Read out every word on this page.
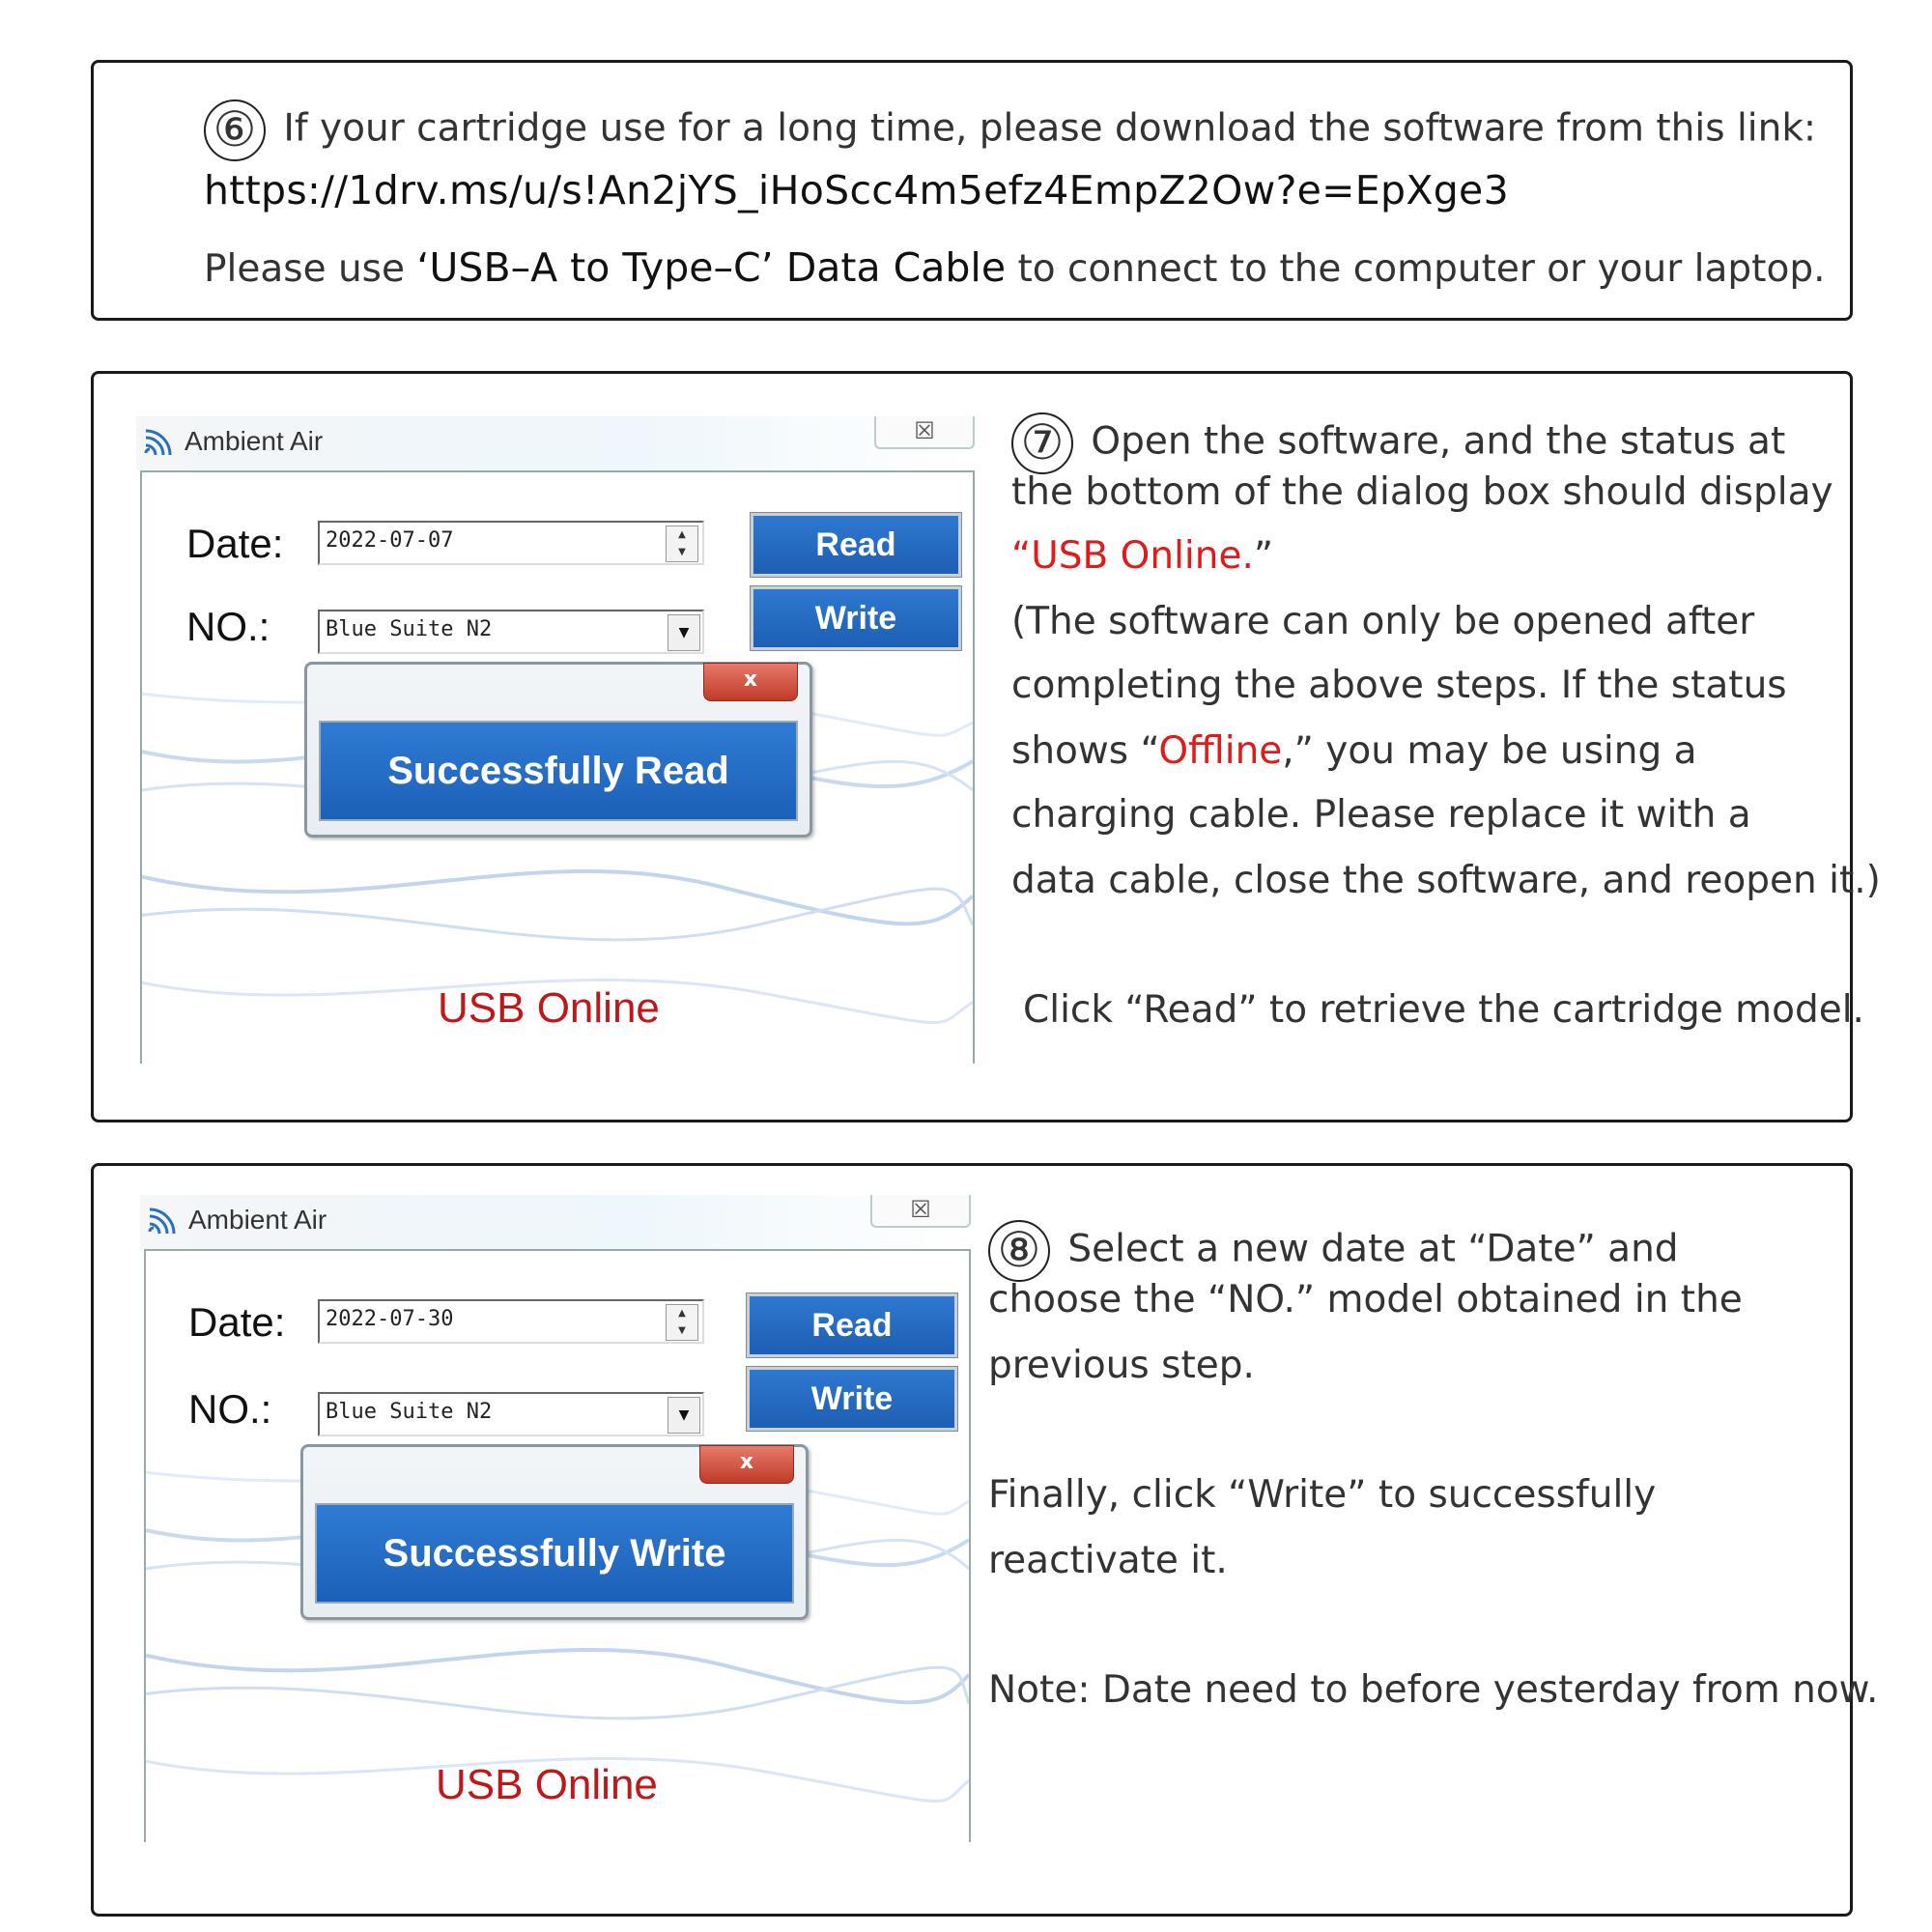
⑥ If your cartridge use for a long time, please download the software from this link:
https://1drv.ms/u/s!An2jYS_iHoScc4m5efz4EmpZ2Ow?e=EpXge3
Please use ‘USB–A to Type–C’ Data Cable to connect to the computer or your laptop.
Ambient Air	☒
Date: 2022-07-07	▲
▼
NO.:	Blue Suite N2	▼
Read
Write
x
Successfully Read
USB Online
⑦ Open the software, and the status at
the bottom of the dialog box should display
“USB Online.”
(The software can only be opened after
completing the above steps. If the status
shows “Offline,” you may be using a
charging cable. Please replace it with a
data cable, close the software, and reopen it.)
Click “Read” to retrieve the cartridge model.
Ambient Air	☒
Date: 2022-07-30	▲
▼
NO.:	Blue Suite N2	▼
Read
Write
x
Successfully Write
USB Online
⑧ Select a new date at “Date” and
choose the “NO.” model obtained in the
previous step.
Finally, click “Write” to successfully
reactivate it.
Note: Date need to before yesterday from now.
